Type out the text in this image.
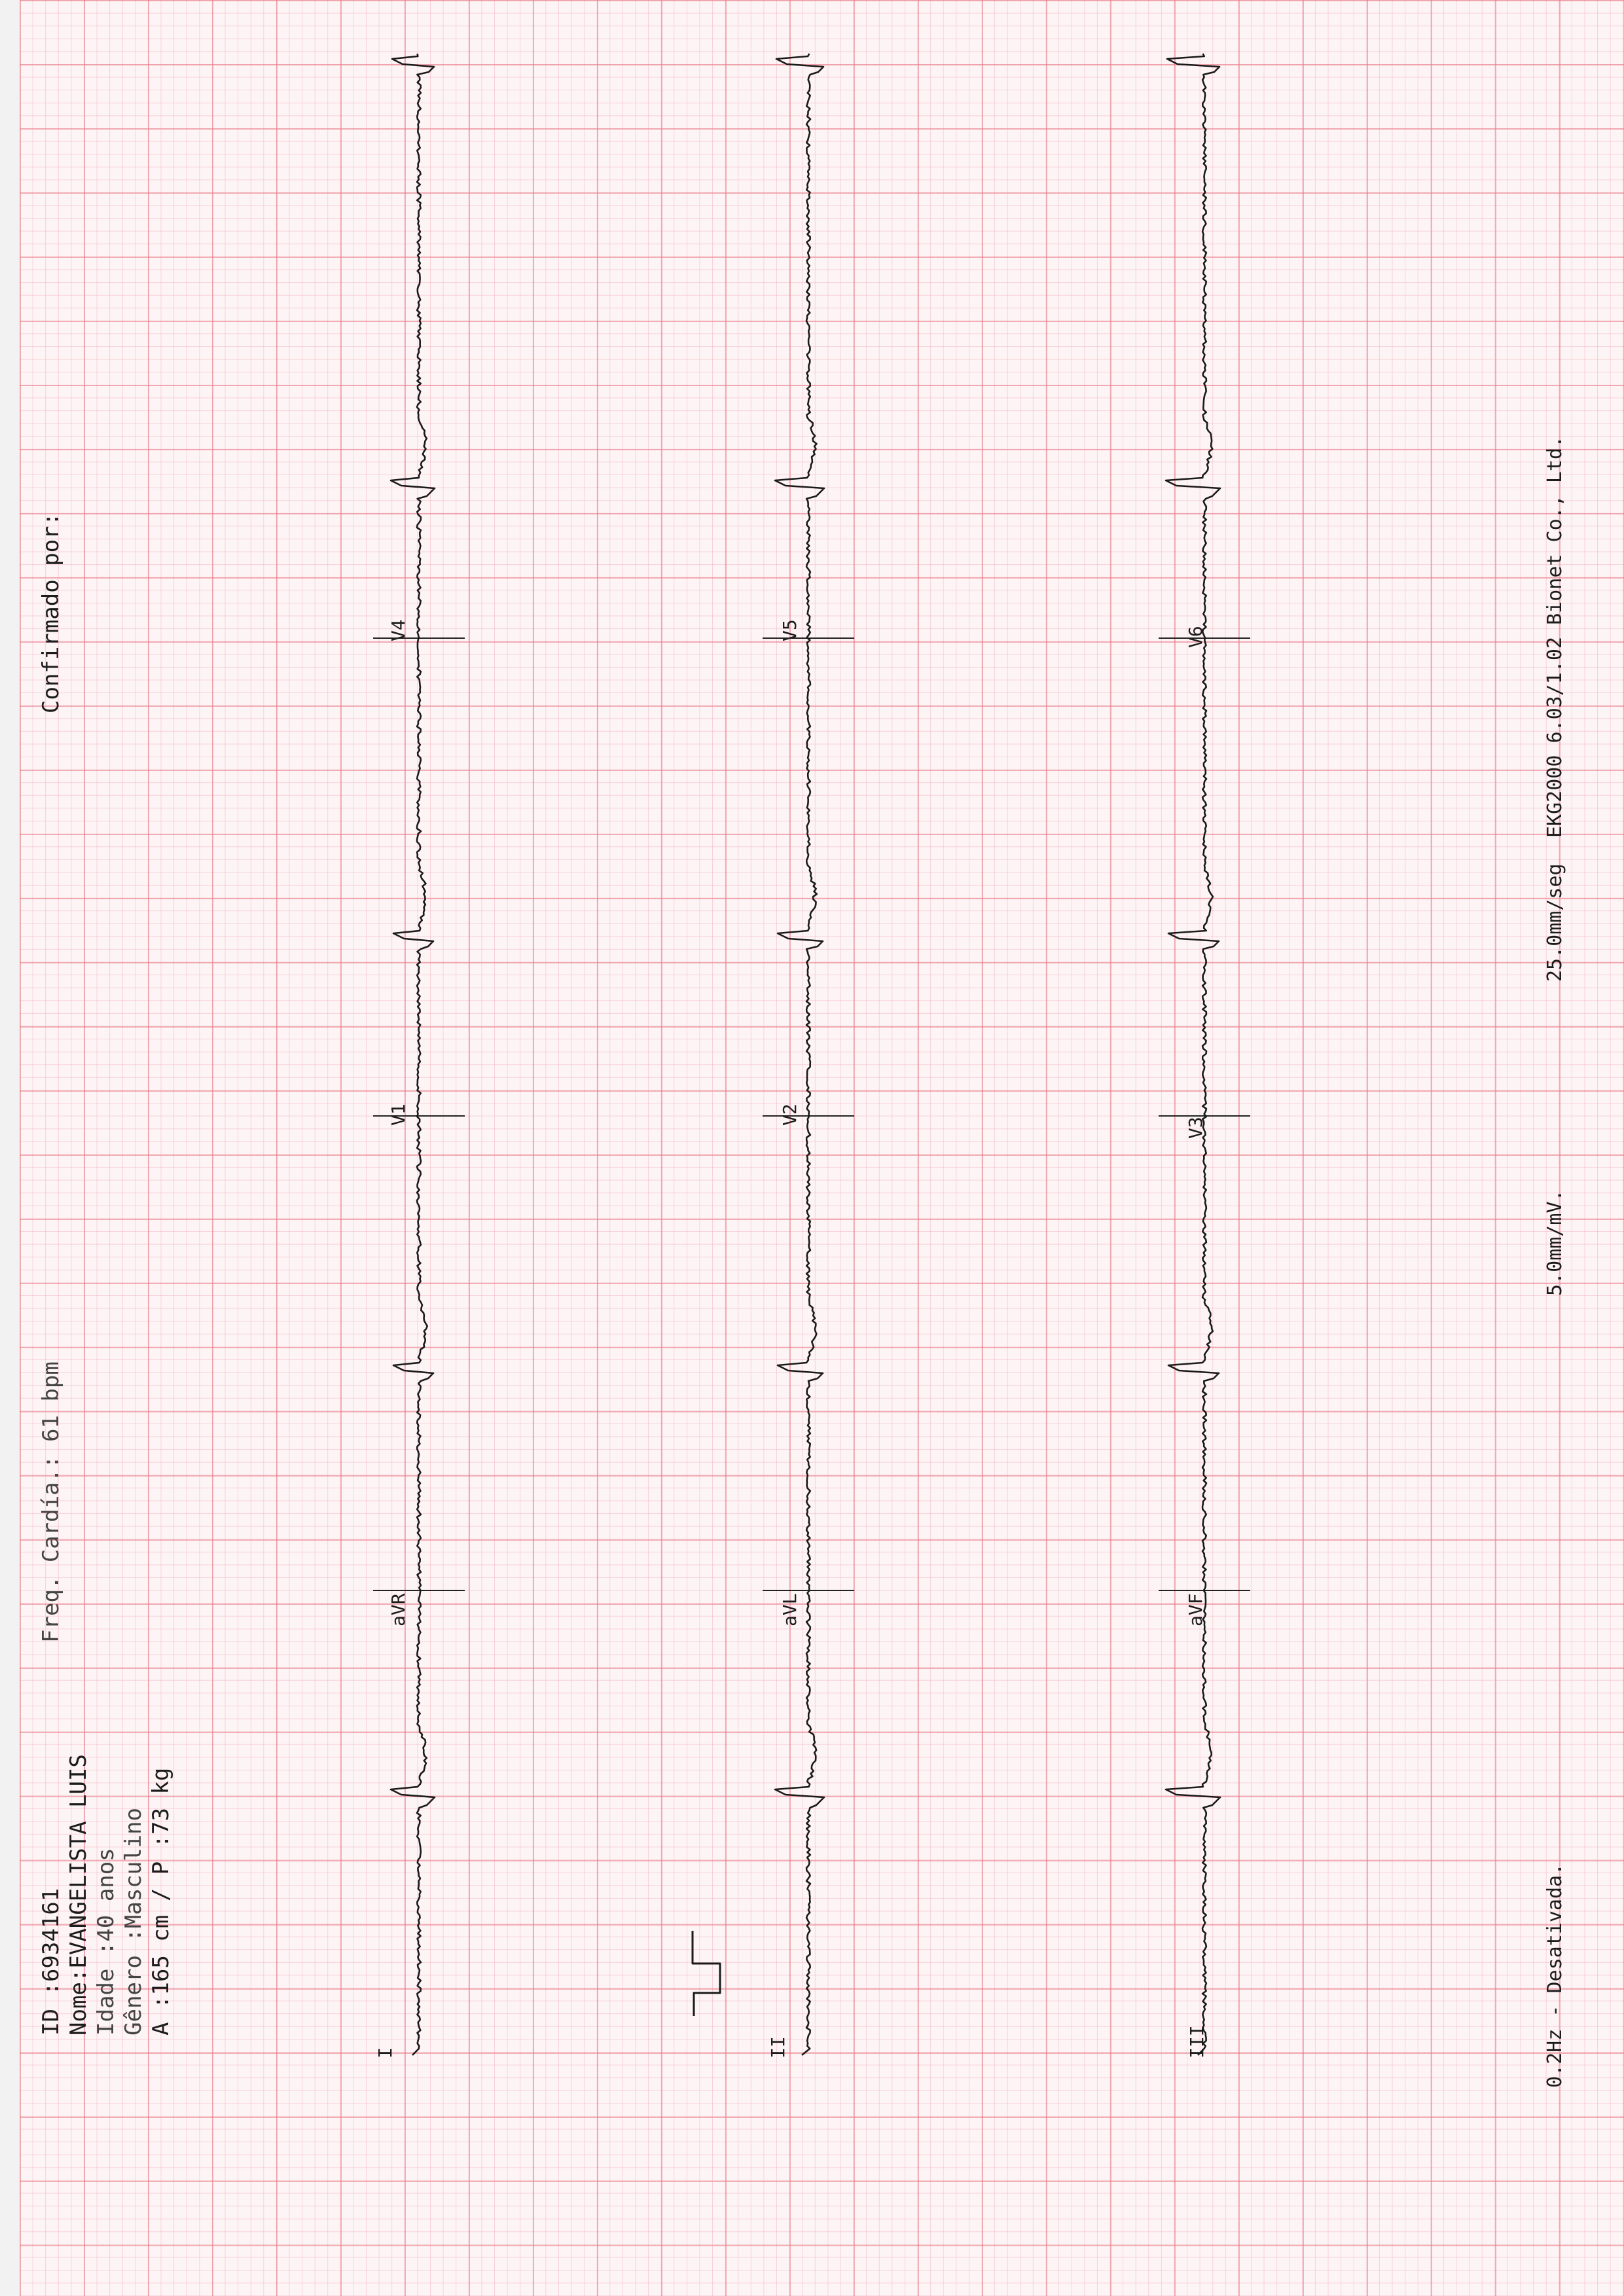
ID :6934161 Nome:EVANGELISTA LUIS Idade :40 anos Gênero :Masculino A :165 cm / P :73 kg
Freq. Cardía.: 61 bpm
Confirmado por:
0.2Hz - Desativada.
5.0mm/mV.
25.0mm/seg
EKG2000 6.03/1.02 Bionet Co., Ltd.
I
aVR
V1
V4
II
aVL
V2
V5
III
aVF
V3
V6
